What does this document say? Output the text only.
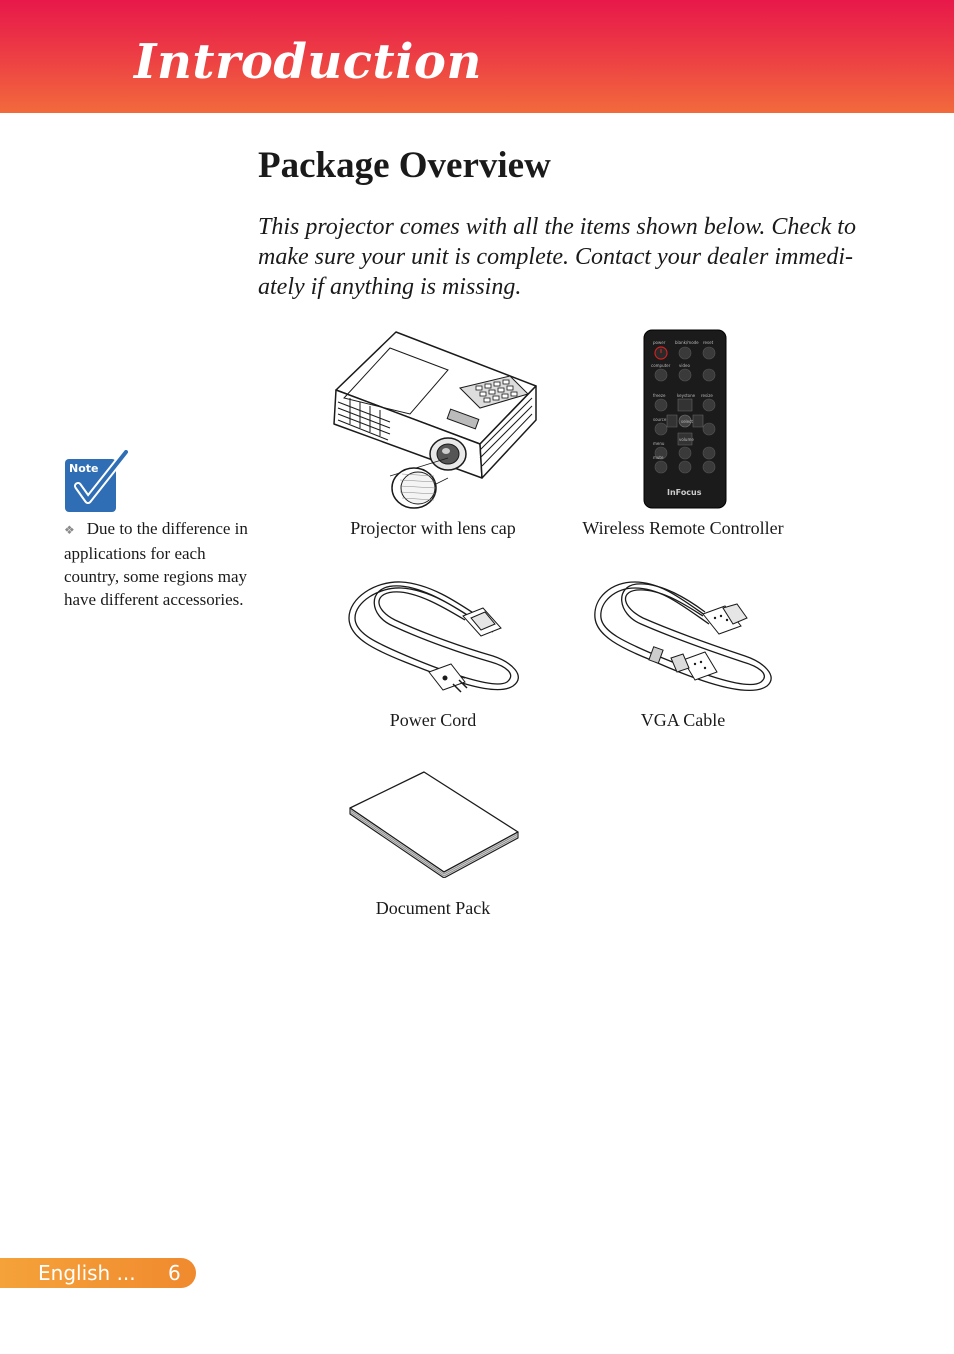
Introduction
Package Overview
This projector comes with all the items shown below. Check to make sure your unit is complete. Contact your dealer immedi-ately if anything is missing.
Note
❖ Due to the difference in applications for each country, some regions may have different accessories.
Projector with lens cap
power blank/mode reset
computer video
freeze	keystone resize
source	select
menu
volume
mute
InFocus
Wireless Remote Controller
Power Cord	VGA Cable
Document Pack
English ... 6
